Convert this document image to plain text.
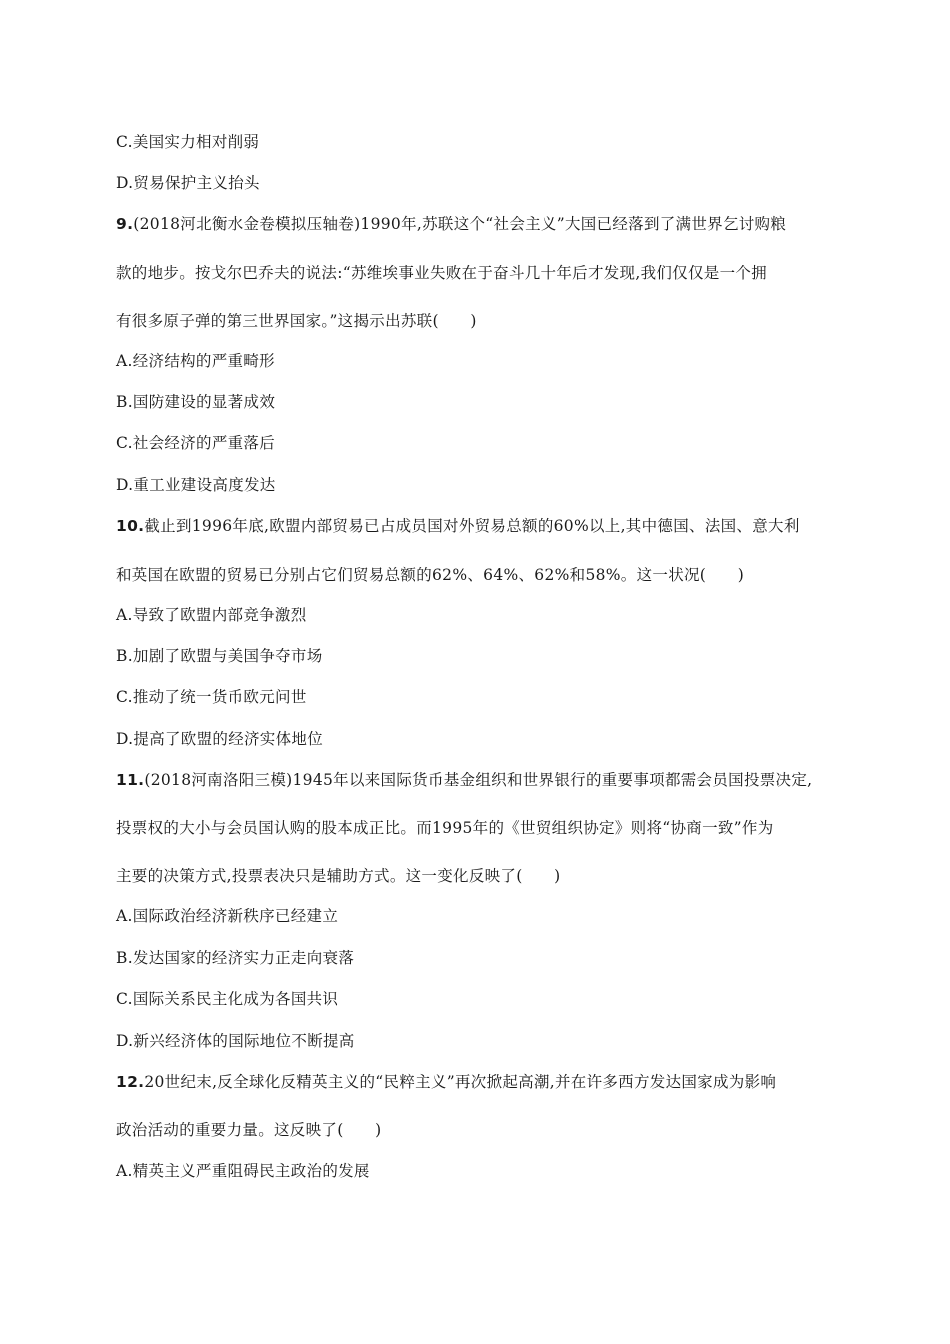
C.美国实力相对削弱
D.贸易保护主义抬头
9.(2018河北衡水金卷模拟压轴卷)1990年,苏联这个“社会主义”大国已经落到了满世界乞讨购粮
款的地步。按戈尔巴乔夫的说法:“苏维埃事业失败在于奋斗几十年后才发现,我们仅仅是一个拥
有很多原子弹的第三世界国家。”这揭示出苏联(　　)
A.经济结构的严重畸形
B.国防建设的显著成效
C.社会经济的严重落后
D.重工业建设高度发达
10.截止到1996年底,欧盟内部贸易已占成员国对外贸易总额的60%以上,其中德国、法国、意大利
和英国在欧盟的贸易已分别占它们贸易总额的62%、64%、62%和58%。这一状况(　　)
A.导致了欧盟内部竞争激烈
B.加剧了欧盟与美国争夺市场
C.推动了统一货币欧元问世
D.提高了欧盟的经济实体地位
11.(2018河南洛阳三模)1945年以来国际货币基金组织和世界银行的重要事项都需会员国投票决定,
投票权的大小与会员国认购的股本成正比。而1995年的《世贸组织协定》则将“协商一致”作为
主要的决策方式,投票表决只是辅助方式。这一变化反映了(　　)
A.国际政治经济新秩序已经建立
B.发达国家的经济实力正走向衰落
C.国际关系民主化成为各国共识
D.新兴经济体的国际地位不断提高
12.20世纪末,反全球化反精英主义的“民粹主义”再次掀起高潮,并在许多西方发达国家成为影响
政治活动的重要力量。这反映了(　　)
A.精英主义严重阻碍民主政治的发展
